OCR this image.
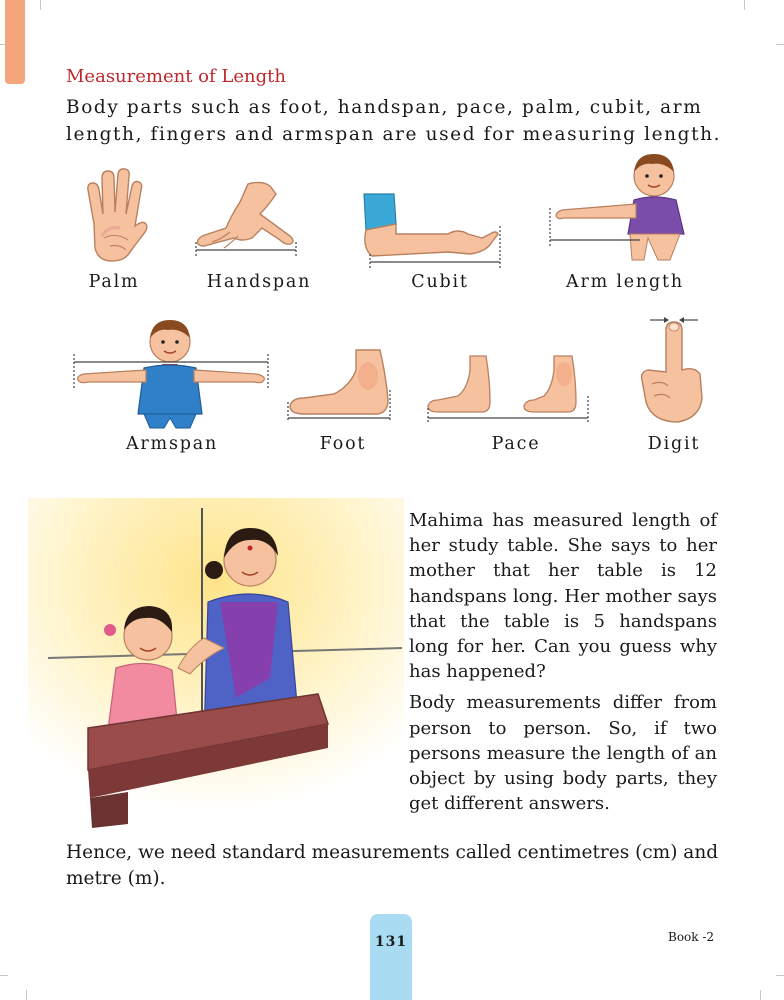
Measurement of Length

Body parts such as foot, handspan, pace, palm, cubit, arm length, fingers and armspan are used for measuring length.

Palm	Handspan	Cubit	Arm length
Armspan	Foot	Pace	Digit

Mahima has measured length of her study table. She says to her mother that her table is 12 handspans long. Her mother says that the table is 5 handspans long for her. Can you guess why has happened?

Body measurements differ from person to person. So, if two persons measure the length of an object by using body parts, they get different answers.

Hence, we need standard measurements called centimetres (cm) and metre (m).

131	Book -2
